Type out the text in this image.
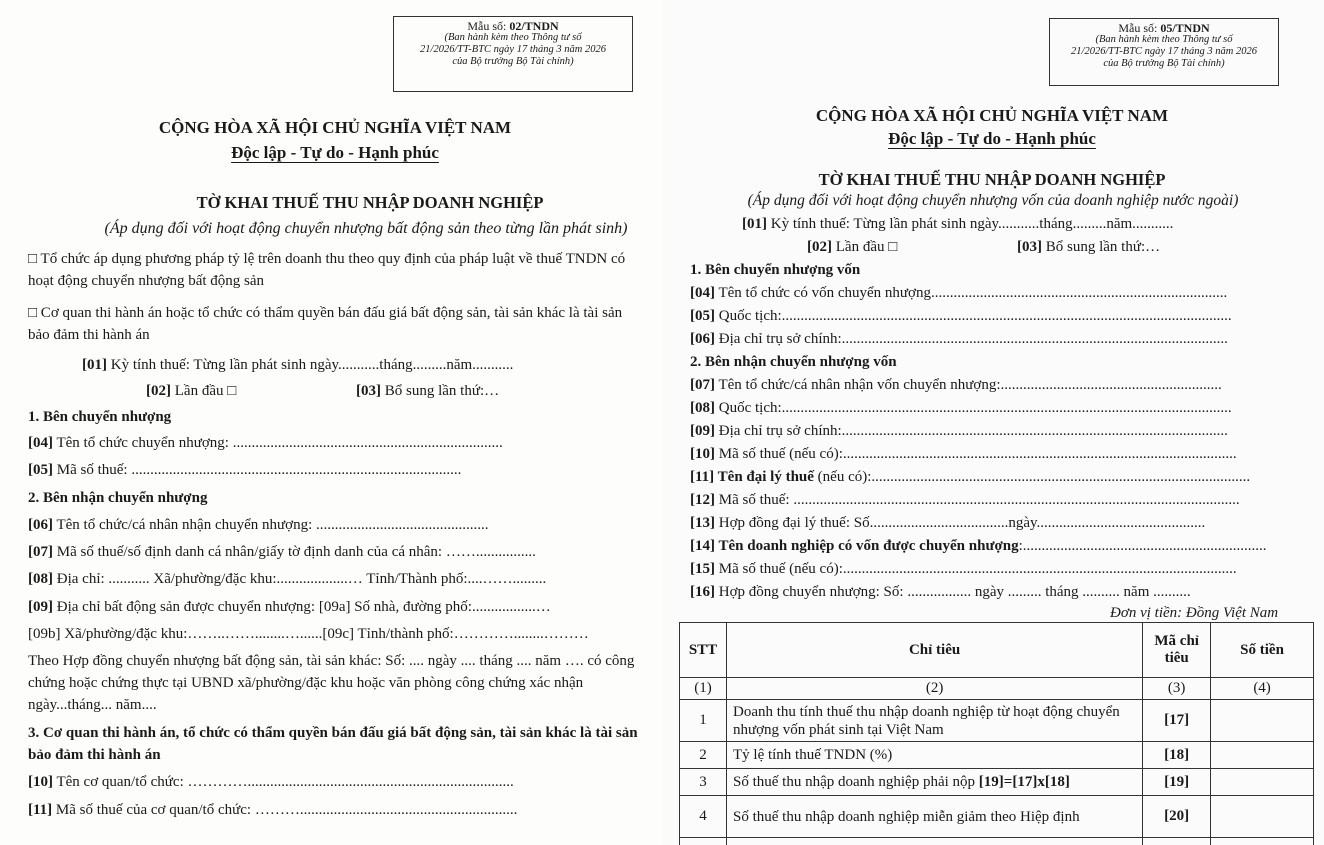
Mẫu số: 02/TNDN
(Ban hành kèm theo Thông tư số
21/2026/TT-BTC ngày 17 tháng 3 năm 2026
của Bộ trưởng Bộ Tài chính)
CỘNG HÒA XÃ HỘI CHỦ NGHĨA VIỆT NAM
Độc lập - Tự do - Hạnh phúc
TỜ KHAI THUẾ THU NHẬP DOANH NGHIỆP
(Áp dụng đối với hoạt động chuyển nhượng bất động sản theo từng lần phát sinh)
□ Tổ chức áp dụng phương pháp tỷ lệ trên doanh thu theo quy định của pháp luật về thuế TNDN có hoạt động chuyển nhượng bất động sản
□ Cơ quan thi hành án hoặc tổ chức có thẩm quyền bán đấu giá bất động sản, tài sản khác là tài sản bảo đảm thi hành án
[01] Kỳ tính thuế: Từng lần phát sinh ngày...........tháng.........năm...........
[02] Lần đầu □	[03] Bổ sung lần thứ:…
1. Bên chuyển nhượng
[04] Tên tổ chức chuyển nhượng: ........................................................................
[05] Mã số thuế: ........................................................................................
2. Bên nhận chuyển nhượng
[06] Tên tổ chức/cá nhân nhận chuyển nhượng: ..............................................
[07] Mã số thuế/số định danh cá nhân/giấy tờ định danh của cá nhân: ……................
[08] Địa chỉ: ........... Xã/phường/đặc khu:...................… Tỉnh/Thành phố:....…….........
[09] Địa chỉ bất động sản được chuyển nhượng: [09a] Số nhà, đường phố:.................…
[09b] Xã/phường/đặc khu:……..……........…......[09c] Tỉnh/thành phố:…………........………
Theo Hợp đồng chuyển nhượng bất động sản, tài sản khác: Số: .... ngày .... tháng .... năm …. có công chứng hoặc chứng thực tại UBND xã/phường/đặc khu hoặc văn phòng công chứng xác nhận ngày...tháng... năm....
3. Cơ quan thi hành án, tổ chức có thẩm quyền bán đấu giá bất động sản, tài sản khác là tài sản bảo đảm thi hành án
[10] Tên cơ quan/tổ chức: ………….......................................................................
[11] Mã số thuế của cơ quan/tổ chức: ………..........................................................
Mẫu số: 05/TNDN
(Ban hành kèm theo Thông tư số
21/2026/TT-BTC ngày 17 tháng 3 năm 2026
của Bộ trưởng Bộ Tài chính)
CỘNG HÒA XÃ HỘI CHỦ NGHĨA VIỆT NAM
Độc lập - Tự do - Hạnh phúc
TỜ KHAI THUẾ THU NHẬP DOANH NGHIỆP
(Áp dụng đối với hoạt động chuyển nhượng vốn của doanh nghiệp nước ngoài)
[01] Kỳ tính thuế: Từng lần phát sinh ngày...........tháng.........năm...........
[02] Lần đầu □	[03] Bổ sung lần thứ:…
1. Bên chuyển nhượng vốn
[04] Tên tổ chức có vốn chuyển nhượng...............................................................................
[05] Quốc tịch:........................................................................................................................
[06] Địa chỉ trụ sở chính:.......................................................................................................
2. Bên nhận chuyển nhượng vốn
[07] Tên tổ chức/cá nhân nhận vốn chuyển nhượng:...........................................................
[08] Quốc tịch:........................................................................................................................
[09] Địa chỉ trụ sở chính:.......................................................................................................
[10] Mã số thuế (nếu có):.........................................................................................................
[11] Tên đại lý thuế (nếu có):.....................................................................................................
[12] Mã số thuế: .......................................................................................................................
[13] Hợp đồng đại lý thuế: Số.....................................ngày.............................................
[14] Tên doanh nghiệp có vốn được chuyển nhượng:.................................................................
[15] Mã số thuế (nếu có):.........................................................................................................
[16] Hợp đồng chuyển nhượng: Số: ................. ngày ......... tháng .......... năm ..........
Đơn vị tiền: Đồng Việt Nam
STT	Chỉ tiêu	Mã chỉ tiêu	Số tiền
(1)	(2)	(3)	(4)
1	Doanh thu tính thuế thu nhập doanh nghiệp từ hoạt động chuyển nhượng vốn phát sinh tại Việt Nam	[17]	
2	Tỷ lệ tính thuế TNDN (%)	[18]	
3	Số thuế thu nhập doanh nghiệp phải nộp [19]=[17]x[18]	[19]	
4	Số thuế thu nhập doanh nghiệp miễn giảm theo Hiệp định	[20]	
